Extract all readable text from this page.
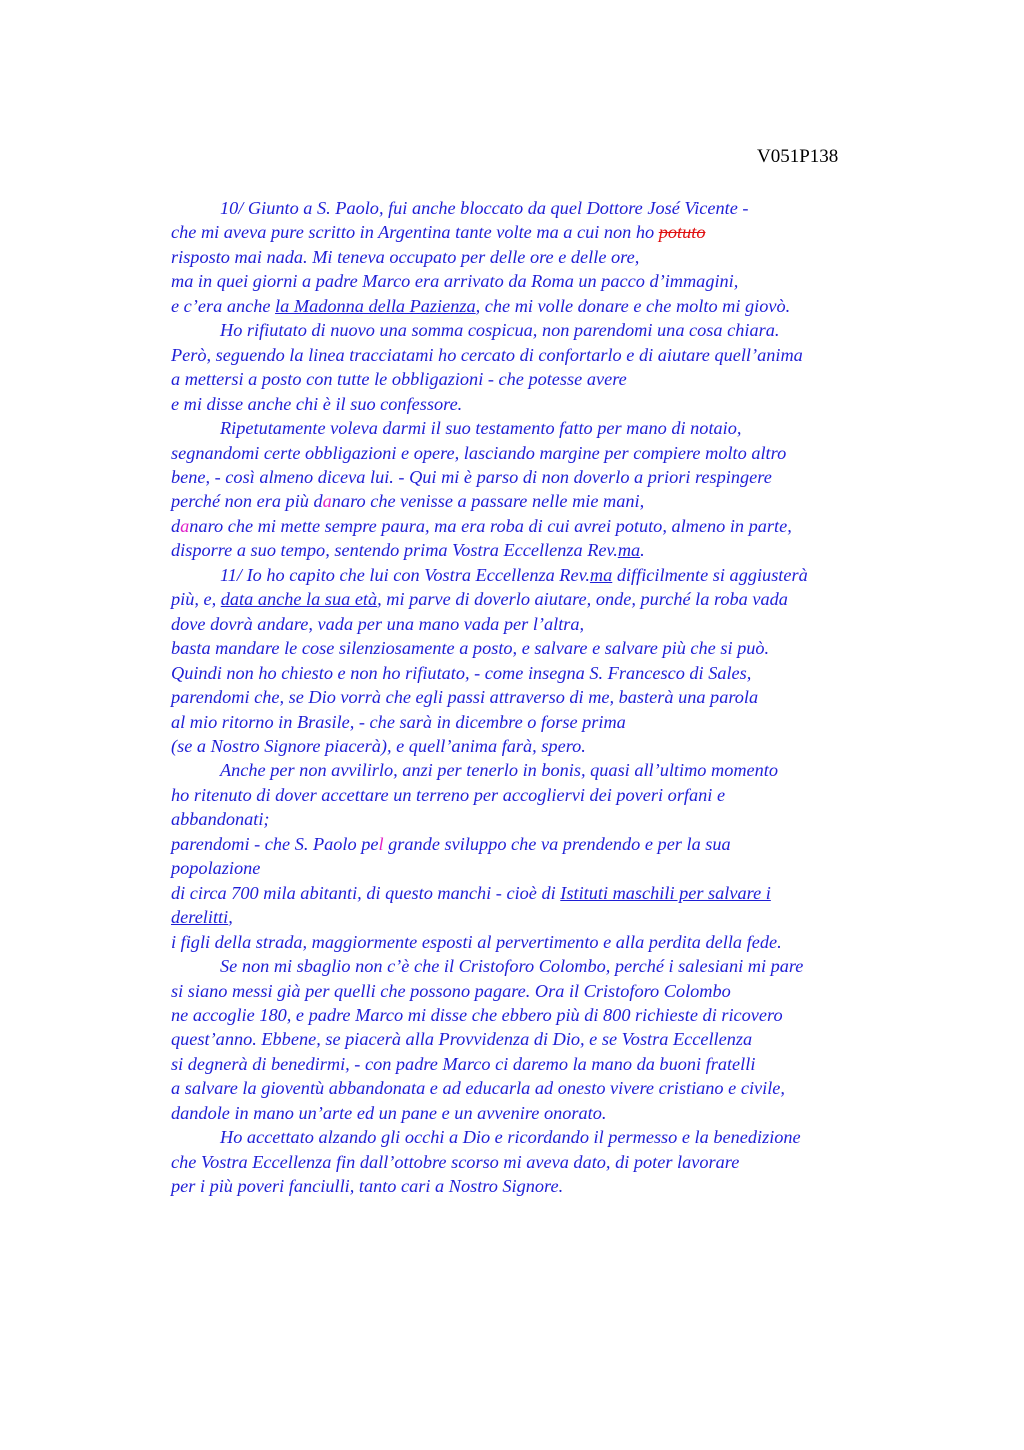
V051P138
10/ Giunto a S. Paolo, fui anche bloccato da quel Dottore José Vicente -
che mi aveva pure scritto in Argentina tante volte ma a cui non ho potuto
risposto mai nada. Mi teneva occupato per delle ore e delle ore,
ma in quei giorni a padre Marco era arrivato da Roma un pacco d’immagini,
e c’era anche la Madonna della Pazienza, che mi volle donare e che molto mi giovò.
Ho rifiutato di nuovo una somma cospicua, non parendomi una cosa chiara.
Però, seguendo la linea tracciatami ho cercato di confortarlo e di aiutare quell’anima
a mettersi a posto con tutte le obbligazioni - che potesse avere
e mi disse anche chi è il suo confessore.
Ripetutamente voleva darmi il suo testamento fatto per mano di notaio,
segnandomi certe obbligazioni e opere, lasciando margine per compiere molto altro
bene, - così almeno diceva lui. - Qui mi è parso di non doverlo a priori respingere
perché non era più danaro che venisse a passare nelle mie mani,
danaro che mi mette sempre paura, ma era roba di cui avrei potuto, almeno in parte,
disporre a suo tempo, sentendo prima Vostra Eccellenza Rev.ma.
11/ Io ho capito che lui con Vostra Eccellenza Rev.ma difficilmente si aggiusterà
più, e, data anche la sua età, mi parve di doverlo aiutare, onde, purché la roba vada
dove dovrà andare, vada per una mano vada per l’altra,
basta mandare le cose silenziosamente a posto, e salvare e salvare più che si può.
Quindi non ho chiesto e non ho rifiutato, - come insegna S. Francesco di Sales,
parendomi che, se Dio vorrà che egli passi attraverso di me, basterà una parola
al mio ritorno in Brasile, - che sarà in dicembre o forse prima
(se a Nostro Signore piacerà), e quell’anima farà, spero.
Anche per non avvilirlo, anzi per tenerlo in bonis, quasi all’ultimo momento
ho ritenuto di dover accettare un terreno per accogliervi dei poveri orfani e
abbandonati;
parendomi - che S. Paolo pel grande sviluppo che va prendendo e per la sua
popolazione
di circa 700 mila abitanti, di questo manchi - cioè di Istituti maschili per salvare i
derelitti,
i figli della strada, maggiormente esposti al pervertimento e alla perdita della fede.
Se non mi sbaglio non c’è che il Cristoforo Colombo, perché i salesiani mi pare
si siano messi già per quelli che possono pagare. Ora il Cristoforo Colombo
ne accoglie 180, e padre Marco mi disse che ebbero più di 800 richieste di ricovero
quest’anno. Ebbene, se piacerà alla Provvidenza di Dio, e se Vostra Eccellenza
si degnerà di benedirmi, - con padre Marco ci daremo la mano da buoni fratelli
a salvare la gioventù abbandonata e ad educarla ad onesto vivere cristiano e civile,
dandole in mano un’arte ed un pane e un avvenire onorato.
Ho accettato alzando gli occhi a Dio e ricordando il permesso e la benedizione
che Vostra Eccellenza fin dall’ottobre scorso mi aveva dato, di poter lavorare
per i più poveri fanciulli, tanto cari a Nostro Signore.
